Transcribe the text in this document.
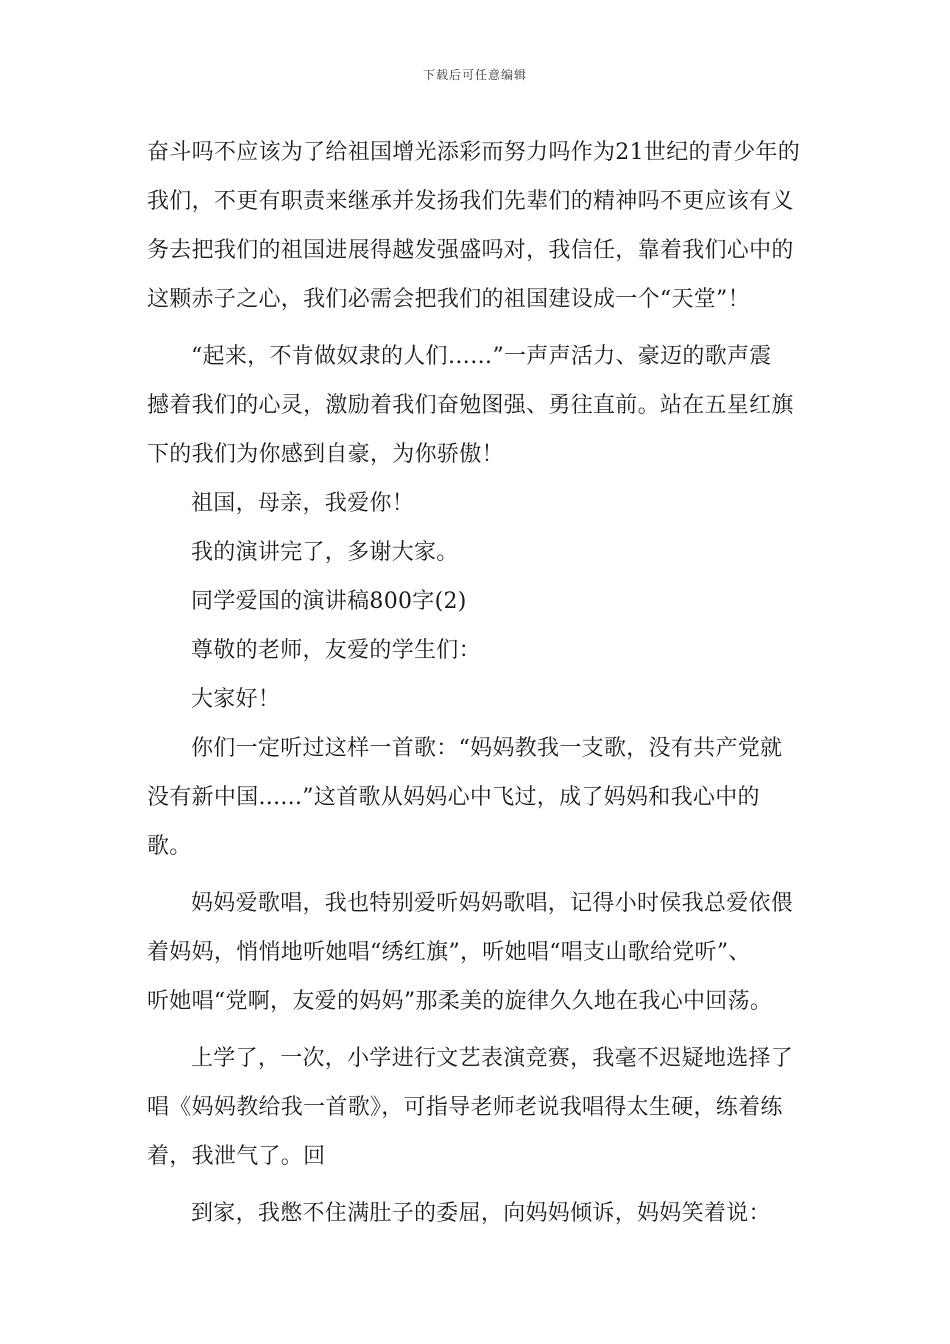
下载后可任意编辑
奋斗吗不应该为了给祖国增光添彩而努力吗作为21世纪的青少年的
我们，不更有职责来继承并发扬我们先辈们的精神吗不更应该有义
务去把我们的祖国进展得越发强盛吗对，我信任，靠着我们心中的
这颗赤子之心，我们必需会把我们的祖国建设成一个“天堂”！
“起来，不肯做奴隶的人们……”一声声活力、豪迈的歌声震
撼着我们的心灵，激励着我们奋勉图强、勇往直前。站在五星红旗
下的我们为你感到自豪，为你骄傲！
祖国，母亲，我爱你！
我的演讲完了，多谢大家。
同学爱国的演讲稿800字(2)
尊敬的老师，友爱的学生们：
大家好！
你们一定听过这样一首歌：“妈妈教我一支歌，没有共产党就
没有新中国......”这首歌从妈妈心中飞过，成了妈妈和我心中的
歌。
妈妈爱歌唱，我也特别爱听妈妈歌唱，记得小时侯我总爱依偎
着妈妈，悄悄地听她唱“绣红旗”，听她唱“唱支山歌给党听”、
听她唱“党啊，友爱的妈妈”那柔美的旋律久久地在我心中回荡。
上学了，一次，小学进行文艺表演竞赛，我毫不迟疑地选择了
唱《妈妈教给我一首歌》，可指导老师老说我唱得太生硬，练着练
着，我泄气了。回
到家，我憋不住满肚子的委屈，向妈妈倾诉，妈妈笑着说：
